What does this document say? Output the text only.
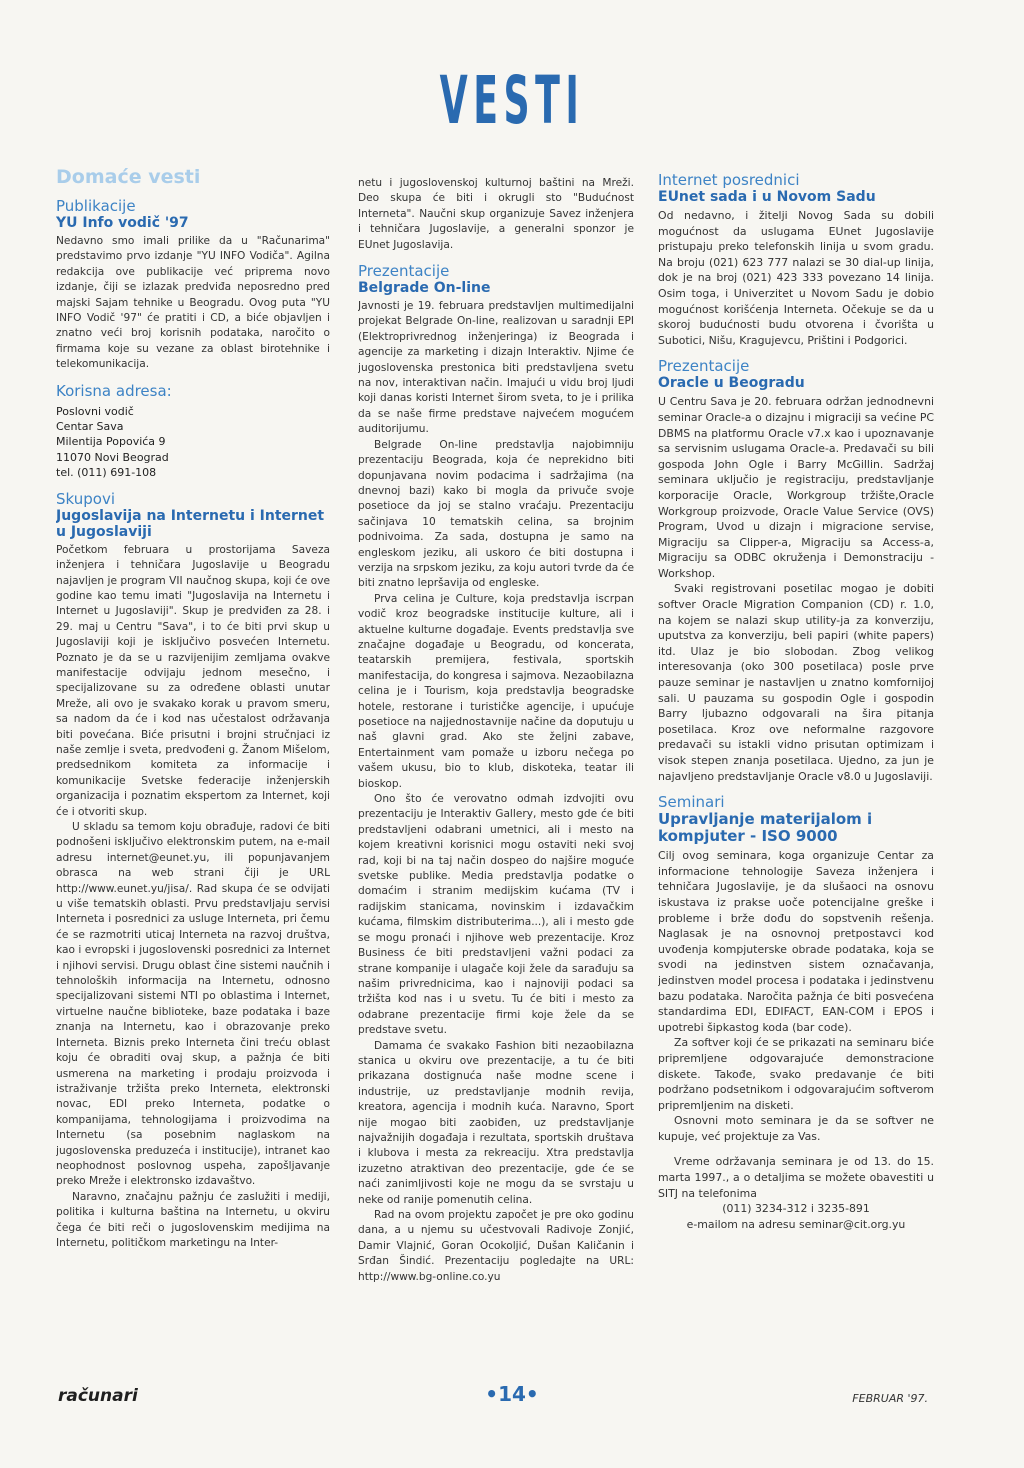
VESTI
Domaće vesti
Publikacije
YU Info vodič '97

Nedavno smo imali prilike da u "Računarima" predstavimo prvo izdanje "YU INFO Vodiča". Agilna redakcija ove publikacije već priprema novo izdanje, čiji se izlazak predviđa neposredno pred majski Sajam tehnike u Beogradu. Ovog puta "YU INFO Vodič '97" će pratiti i CD, a biće objavljen i znatno veći broj korisnih podataka, naročito o firmama koje su vezane za oblast birotehnike i telekomunikacija.

Korisna adresa:

Poslovni vodič

Centar Sava

Milentija Popovića 9

11070 Novi Beograd

tel. (011) 691-108

Skupovi
Jugoslavija na Internetu i Internet u Jugoslaviji

Početkom februara u prostorijama Saveza inženjera i tehničara Jugoslavije u Beogradu najavljen je program VII naučnog skupa, koji će ove godine kao temu imati "Jugoslavija na Internetu i Internet u Jugoslaviji". Skup je predviđen za 28. i 29. maj u Centru "Sava", i to će biti prvi skup u Jugoslaviji koji je isključivo posvećen Internetu. Poznato je da se u razvijenijim zemljama ovakve manifestacije odvijaju jednom mesečno, i specijalizovane su za određene oblasti unutar Mreže, ali ovo je svakako korak u pravom smeru, sa nadom da će i kod nas učestalost održavanja biti povećana. Biće prisutni i brojni stručnjaci iz naše zemlje i sveta, predvođeni g. Žanom Mišelom, predsednikom komiteta za informacije i komunikacije Svetske federacije inženjerskih organizacija i poznatim ekspertom za Internet, koji će i otvoriti skup.

U skladu sa temom koju obrađuje, radovi će biti podnošeni isključivo elektronskim putem, na e-mail adresu internet@eunet.yu, ili popunjavanjem obrasca na web strani čiji je URL http://www.eunet.yu/jisa/. Rad skupa će se odvijati u više tematskih oblasti. Prvu predstavljaju servisi Interneta i posrednici za usluge Interneta, pri čemu će se razmotriti uticaj Interneta na razvoj društva, kao i evropski i jugoslovenski posrednici za Internet i njihovi servisi. Drugu oblast čine sistemi naučnih i tehnoloških informacija na Internetu, odnosno specijalizovani sistemi NTI po oblastima i Internet, virtuelne naučne biblioteke, baze podataka i baze znanja na Internetu, kao i obrazovanje preko Interneta. Biznis preko Interneta čini treću oblast koju će obraditi ovaj skup, a pažnja će biti usmerena na marketing i prodaju proizvoda i istraživanje tržišta preko Interneta, elektronski novac, EDI preko Interneta, podatke o kompanijama, tehnologijama i proizvodima na Internetu (sa posebnim naglaskom na jugoslovenska preduzeća i institucije), intranet kao neophodnost poslovnog uspeha, zapošljavanje preko Mreže i elektronsko izdavaštvo.

Naravno, značajnu pažnju će zaslužiti i mediji, politika i kulturna baština na Internetu, u okviru čega će biti reči o jugoslovenskim medijima na Internetu, političkom marketingu na Inter-

netu i jugoslovenskoj kulturnoj baštini na Mreži. Deo skupa će biti i okrugli sto "Budućnost Interneta". Naučni skup organizuje Savez inženjera i tehničara Jugoslavije, a generalni sponzor je EUnet Jugoslavija.

Prezentacije
Belgrade On-line

Javnosti je 19. februara predstavljen multimedijalni projekat Belgrade On-line, realizovan u saradnji EPI (Elektroprivrednog inženjeringa) iz Beograda i agencije za marketing i dizajn Interaktiv. Njime će jugoslovenska prestonica biti predstavljena svetu na nov, interaktivan način. Imajući u vidu broj ljudi koji danas koristi Internet širom sveta, to je i prilika da se naše firme predstave najvećem mogućem auditorijumu.

Belgrade On-line predstavlja najobimniju prezentaciju Beograda, koja će neprekidno biti dopunjavana novim podacima i sadržajima (na dnevnoj bazi) kako bi mogla da privuče svoje posetioce da joj se stalno vraćaju. Prezentaciju sačinjava 10 tematskih celina, sa brojnim podnivoima. Za sada, dostupna je samo na engleskom jeziku, ali uskoro će biti dostupna i verzija na srpskom jeziku, za koju autori tvrde da će biti znatno lepršavija od engleske.

Prva celina je Culture, koja predstavlja iscrpan vodič kroz beogradske institucije kulture, ali i aktuelne kulturne događaje. Events predstavlja sve značajne događaje u Beogradu, od koncerata, teatarskih premijera, festivala, sportskih manifestacija, do kongresa i sajmova. Nezaobilazna celina je i Tourism, koja predstavlja beogradske hotele, restorane i turističke agencije, i upućuje posetioce na najjednostavnije načine da doputuju u naš glavni grad. Ako ste željni zabave, Entertainment vam pomaže u izboru nečega po vašem ukusu, bio to klub, diskoteka, teatar ili bioskop.

Ono što će verovatno odmah izdvojiti ovu prezentaciju je Interaktiv Gallery, mesto gde će biti predstavljeni odabrani umetnici, ali i mesto na kojem kreativni korisnici mogu ostaviti neki svoj rad, koji bi na taj način dospeo do najšire moguće svetske publike. Media predstavlja podatke o domaćim i stranim medijskim kućama (TV i radijskim stanicama, novinskim i izdavačkim kućama, filmskim distributerima...), ali i mesto gde se mogu pronaći i njihove web prezentacije. Kroz Business će biti predstavljeni važni podaci za strane kompanije i ulagače koji žele da sarađuju sa našim privrednicima, kao i najnoviji podaci sa tržišta kod nas i u svetu. Tu će biti i mesto za odabrane prezentacije firmi koje žele da se predstave svetu.

Damama će svakako Fashion biti nezaobilazna stanica u okviru ove prezentacije, a tu će biti prikazana dostignuća naše modne scene i industrije, uz predstavljanje modnih revija, kreatora, agencija i modnih kuća. Naravno, Sport nije mogao biti zaobiđen, uz predstavljanje najvažnijih događaja i rezultata, sportskih društava i klubova i mesta za rekreaciju. Xtra predstavlja izuzetno atraktivan deo prezentacije, gde će se naći zanimljivosti koje ne mogu da se svrstaju u neke od ranije pomenutih celina.

Rad na ovom projektu započet je pre oko godinu dana, a u njemu su učestvovali Radivoje Zonjić, Damir Vlajnić, Goran Ocokoljić, Dušan Kaličanin i Srđan Šindić. Prezentaciju pogledajte na URL: http://www.bg-online.co.yu

Internet posrednici
EUnet sada i u Novom Sadu

Od nedavno, i žitelji Novog Sada su dobili mogućnost da uslugama EUnet Jugoslavije pristupaju preko telefonskih linija u svom gradu. Na broju (021) 623 777 nalazi se 30 dial-up linija, dok je na broj (021) 423 333 povezano 14 linija. Osim toga, i Univerzitet u Novom Sadu je dobio mogućnost korišćenja Interneta. Očekuje se da u skorој budućnosti budu otvorena i čvorišta u Subotici, Nišu, Kragujevcu, Prištini i Podgorici.

Prezentacije
Oracle u Beogradu

U Centru Sava je 20. februara održan jednodnevni seminar Oracle-a o dizajnu i migraciji sa većine PC DBMS na platformu Oracle v7.x kao i upoznavanje sa servisnim uslugama Oracle-a. Predavači su bili gospoda John Ogle i Barry McGillin. Sadržaj seminara uključio je registraciju, predstavljanje korporacije Oracle, Workgroup tržište,Oracle Workgroup proizvode, Oracle Value Service (OVS) Program, Uvod u dizajn i migracione servise, Migraciju sa Clipper-a, Migraciju sa Access-a, Migraciju sa ODBC okruženja i Demonstraciju - Workshop.

Svaki registrovani posetilac mogao je dobiti softver Oracle Migration Companion (CD) r. 1.0, na kojem se nalazi skup utility-ja za konverziju, uputstva za konverziju, beli papiri (white papers) itd. Ulaz je bio slobodan. Zbog velikog interesovanja (oko 300 posetilaca) posle prve pauze seminar je nastavljen u znatno komfornijoj sali. U pauzama su gospodin Ogle i gospodin Barry ljubazno odgovarali na šira pitanja posetilaca. Kroz ove neformalne razgovore predavači su istakli vidno prisutan optimizam i visok stepen znanja posetilaca. Ujedno, za jun je najavljeno predstavljanje Oracle v8.0 u Jugoslaviji.

Seminari
Upravljanje materijalom i kompjuter - ISO 9000

Cilj ovog seminara, koga organizuje Centar za informacione tehnologije Saveza inženjera i tehničara Jugoslavije, je da slušaoci na osnovu iskustava iz prakse uoče potencijalne greške i probleme i brže dođu do sopstvenih rešenja. Naglasak je na osnovnoj pretpostavci kod uvođenja kompjuterske obrade podataka, koja se svodi na jedinstven sistem označavanja, jedinstven model procesa i podataka i jedinstvenu bazu podataka. Naročita pažnja će biti posvećena standardima EDI, EDIFACT, EAN-COM i EPOS i upotrebi šipkastog koda (bar code).

Za softver koji će se prikazati na seminaru biće pripremljene odgovarajuće demonstracione diskete. Takođe, svako predavanje će biti podržano podsetnikom i odgovarajućim softverom pripremljenim na disketi.

Osnovni moto seminara je da se softver ne kupuje, već projektuje za Vas.

Vreme održavanja seminara je od 13. do 15. marta 1997., a o detaljima se možete obavestiti u SITJ na telefonima

(011) 3234-312 i 3235-891

e-mailom na adresu seminar@cit.org.yu

računari	•14•	FEBRUAR '97.
